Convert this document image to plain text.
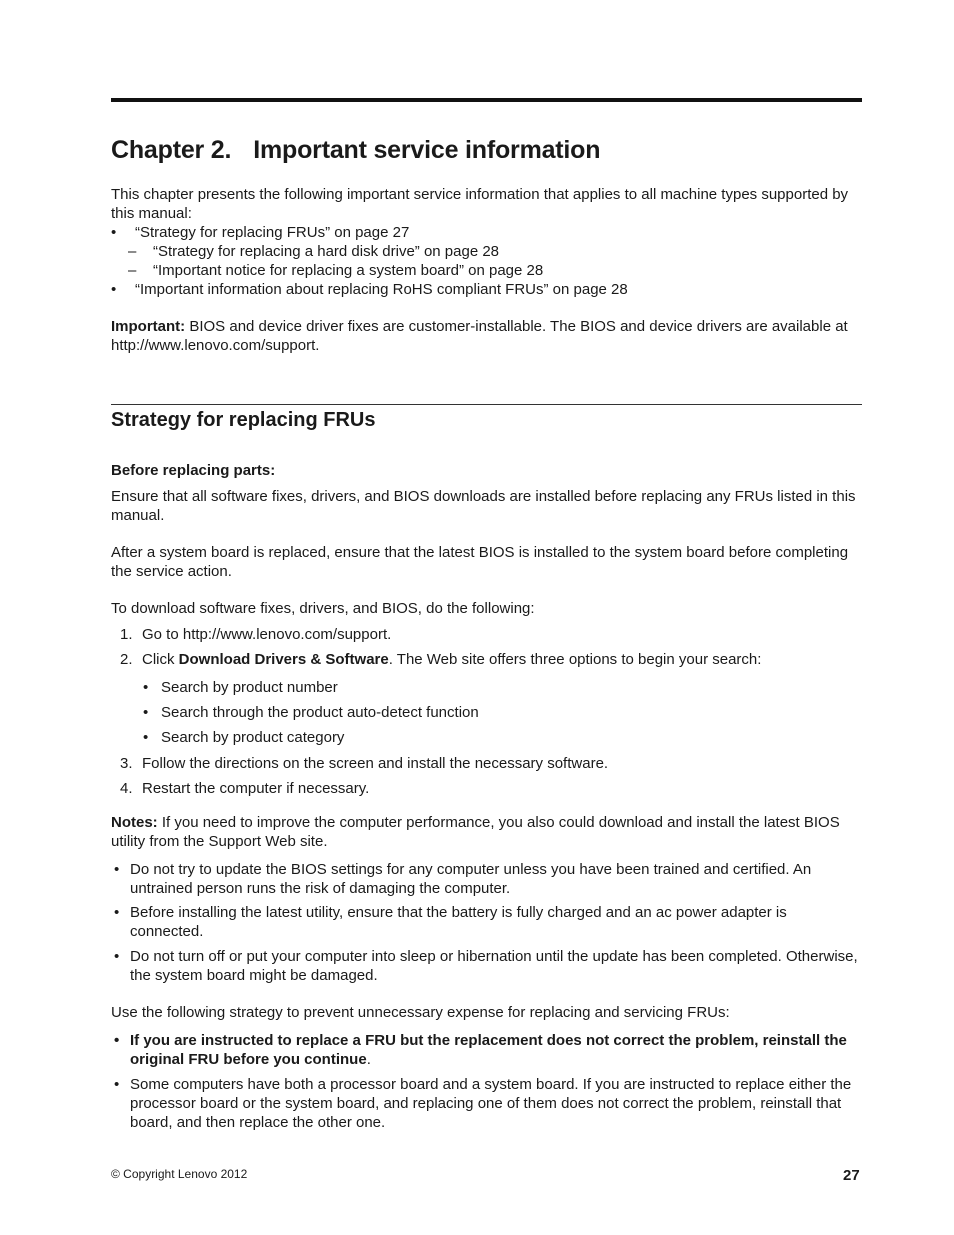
Chapter 2. Important service information

This chapter presents the following important service information that applies to all machine types supported by this manual:

• “Strategy for replacing FRUs” on page 27
– “Strategy for replacing a hard disk drive” on page 28
– “Important notice for replacing a system board” on page 28
• “Important information about replacing RoHS compliant FRUs” on page 28

Important: BIOS and device driver fixes are customer-installable. The BIOS and device drivers are available at http://www.lenovo.com/support.

Strategy for replacing FRUs
Before replacing parts:

Ensure that all software fixes, drivers, and BIOS downloads are installed before replacing any FRUs listed in this manual.

After a system board is replaced, ensure that the latest BIOS is installed to the system board before completing the service action.

To download software fixes, drivers, and BIOS, do the following:

1. Go to http://www.lenovo.com/support.
2. Click Download Drivers & Software. The Web site offers three options to begin your search:
• Search by product number
• Search through the product auto-detect function
• Search by product category
3. Follow the directions on the screen and install the necessary software.
4. Restart the computer if necessary.

Notes: If you need to improve the computer performance, you also could download and install the latest BIOS utility from the Support Web site.

• Do not try to update the BIOS settings for any computer unless you have been trained and certified. An untrained person runs the risk of damaging the computer.

• Before installing the latest utility, ensure that the battery is fully charged and an ac power adapter is connected.

• Do not turn off or put your computer into sleep or hibernation until the update has been completed. Otherwise, the system board might be damaged.

Use the following strategy to prevent unnecessary expense for replacing and servicing FRUs:

• If you are instructed to replace a FRU but the replacement does not correct the problem, reinstall the original FRU before you continue.

• Some computers have both a processor board and a system board. If you are instructed to replace either the processor board or the system board, and replacing one of them does not correct the problem, reinstall that board, and then replace the other one.

© Copyright Lenovo 2012	27
